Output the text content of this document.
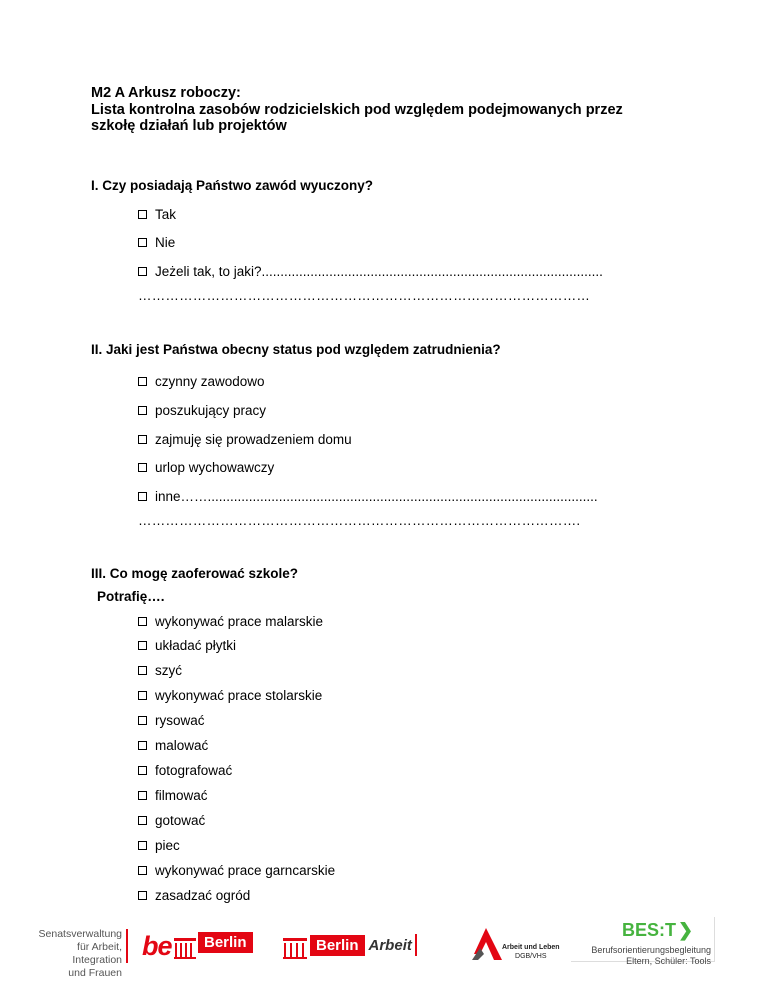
M2 A Arkusz roboczy:
Lista kontrolna zasobów rodzicielskich pod względem podejmowanych przez
szkołę działań lub projektów
I. Czy posiadają Państwo zawód wyuczony?
Tak
Nie
Jeżeli tak, to jaki?...........................................................................................
………………………………………………………………………………………
II. Jaki jest Państwa obecny status pod względem zatrudnienia?
czynny zawodowo
poszukujący pracy
zajmuję się prowadzeniem domu
urlop wychowawczy
inne……........................................................................................................
…………………………………………………………………………………….
III. Co mogę zaoferować szkole?
Potrafię….
wykonywać prace malarskie
układać płytki
szyć
wykonywać prace stolarskie
rysować
malować
fotografować
filmować
gotować
piec
wykonywać prace garncarskie
zasadzać ogród
Senatsverwaltung
für Arbeit, Integration
und Frauen
be	Berlin	Berlin Arbeit	Arbeit und Leben
DGB/VHS
BES:T ❯
Berufsorientierungsbegleitung
Eltern, Schüler: Tools
